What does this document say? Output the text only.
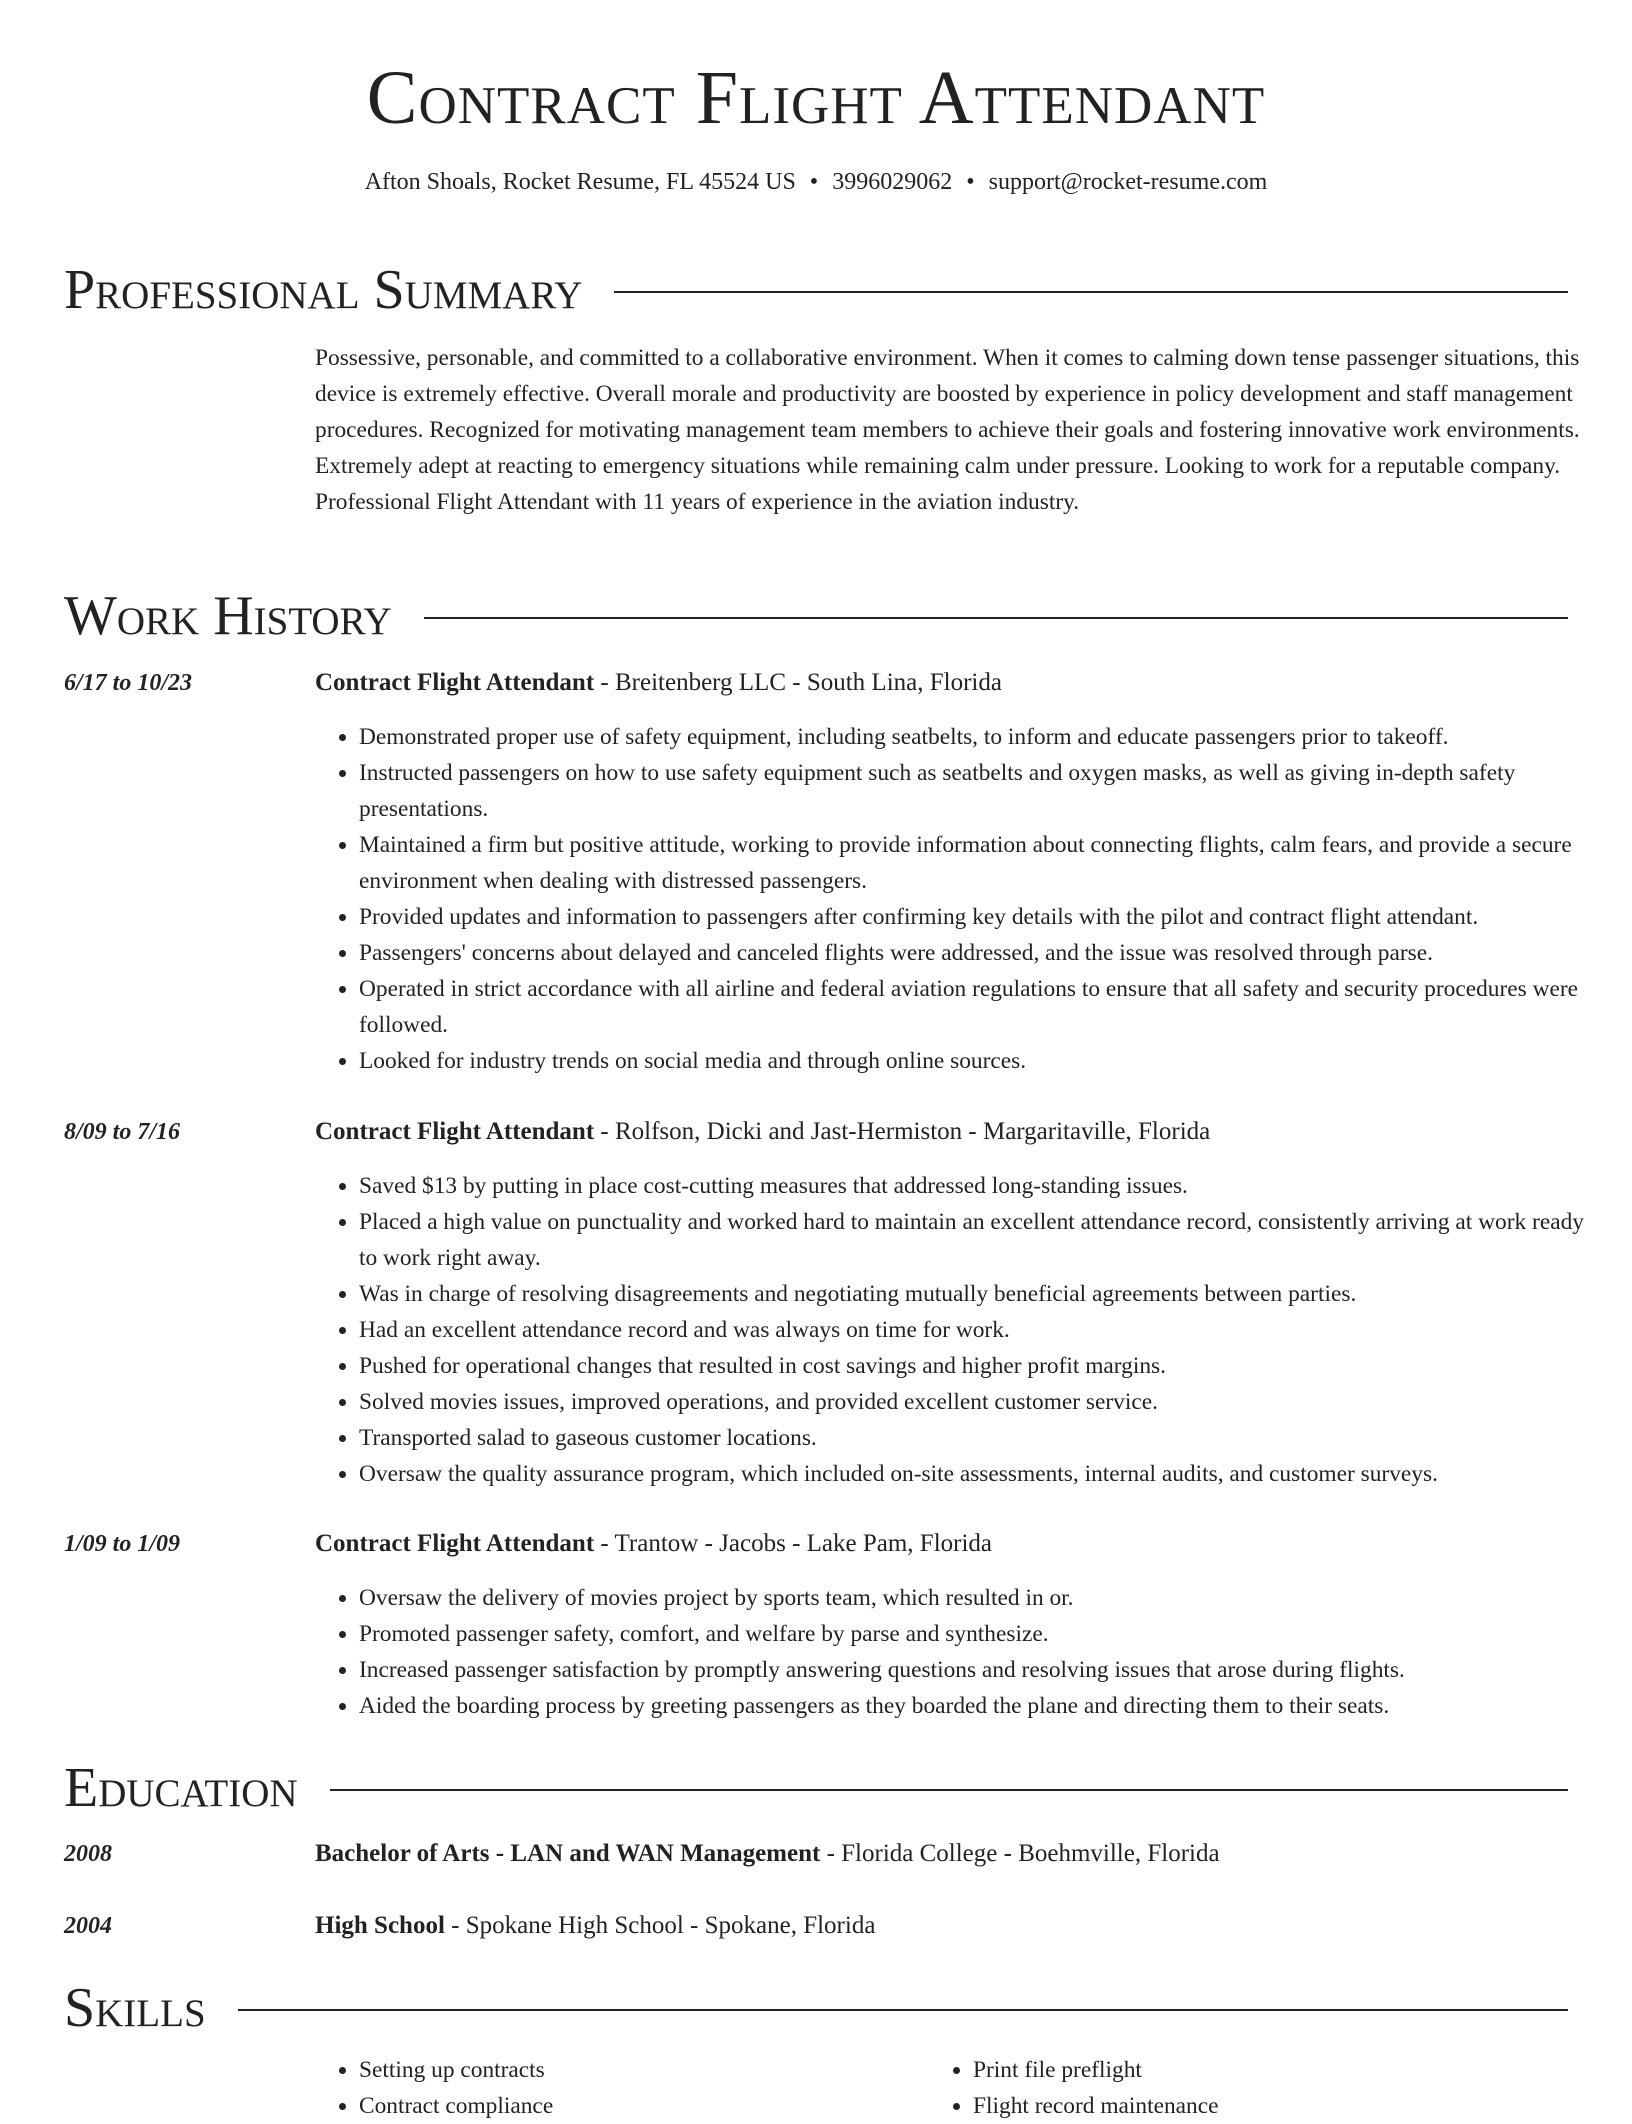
Contract Flight Attendant
Afton Shoals, Rocket Resume, FL 45524 US • 3996029062 • support@rocket-resume.com
Professional Summary

Possessive, personable, and committed to a collaborative environment. When it comes to calming down tense passenger situations, this device is extremely effective. Overall morale and productivity are boosted by experience in policy development and staff management procedures. Recognized for motivating management team members to achieve their goals and fostering innovative work environments. Extremely adept at reacting to emergency situations while remaining calm under pressure. Looking to work for a reputable company. Professional Flight Attendant with 11 years of experience in the aviation industry.

Work History
6/17 to 10/23	Contract Flight Attendant - Breitenberg LLC - South Lina, Florida
• Demonstrated proper use of safety equipment, including seatbelts, to inform and educate passengers prior to takeoff.
• Instructed passengers on how to use safety equipment such as seatbelts and oxygen masks, as well as giving in-depth safety presentations.
• Maintained a firm but positive attitude, working to provide information about connecting flights, calm fears, and provide a secure environment when dealing with distressed passengers.
• Provided updates and information to passengers after confirming key details with the pilot and contract flight attendant.
• Passengers' concerns about delayed and canceled flights were addressed, and the issue was resolved through parse.
• Operated in strict accordance with all airline and federal aviation regulations to ensure that all safety and security procedures were followed.
• Looked for industry trends on social media and through online sources.
8/09 to 7/16	Contract Flight Attendant - Rolfson, Dicki and Jast-Hermiston - Margaritaville, Florida
• Saved $13 by putting in place cost-cutting measures that addressed long-standing issues.
• Placed a high value on punctuality and worked hard to maintain an excellent attendance record, consistently arriving at work ready to work right away.
• Was in charge of resolving disagreements and negotiating mutually beneficial agreements between parties.
• Had an excellent attendance record and was always on time for work.
• Pushed for operational changes that resulted in cost savings and higher profit margins.
• Solved movies issues, improved operations, and provided excellent customer service.
• Transported salad to gaseous customer locations.
• Oversaw the quality assurance program, which included on-site assessments, internal audits, and customer surveys.
1/09 to 1/09	Contract Flight Attendant - Trantow - Jacobs - Lake Pam, Florida
• Oversaw the delivery of movies project by sports team, which resulted in or.
• Promoted passenger safety, comfort, and welfare by parse and synthesize.
• Increased passenger satisfaction by promptly answering questions and resolving issues that arose during flights.
• Aided the boarding process by greeting passengers as they boarded the plane and directing them to their seats.
Education
2008	Bachelor of Arts - LAN and WAN Management - Florida College - Boehmville, Florida
2004	High School - Spokane High School - Spokane, Florida
Skills
• Setting up contracts
• Contract compliance
• Print file preflight
• Flight record maintenance
